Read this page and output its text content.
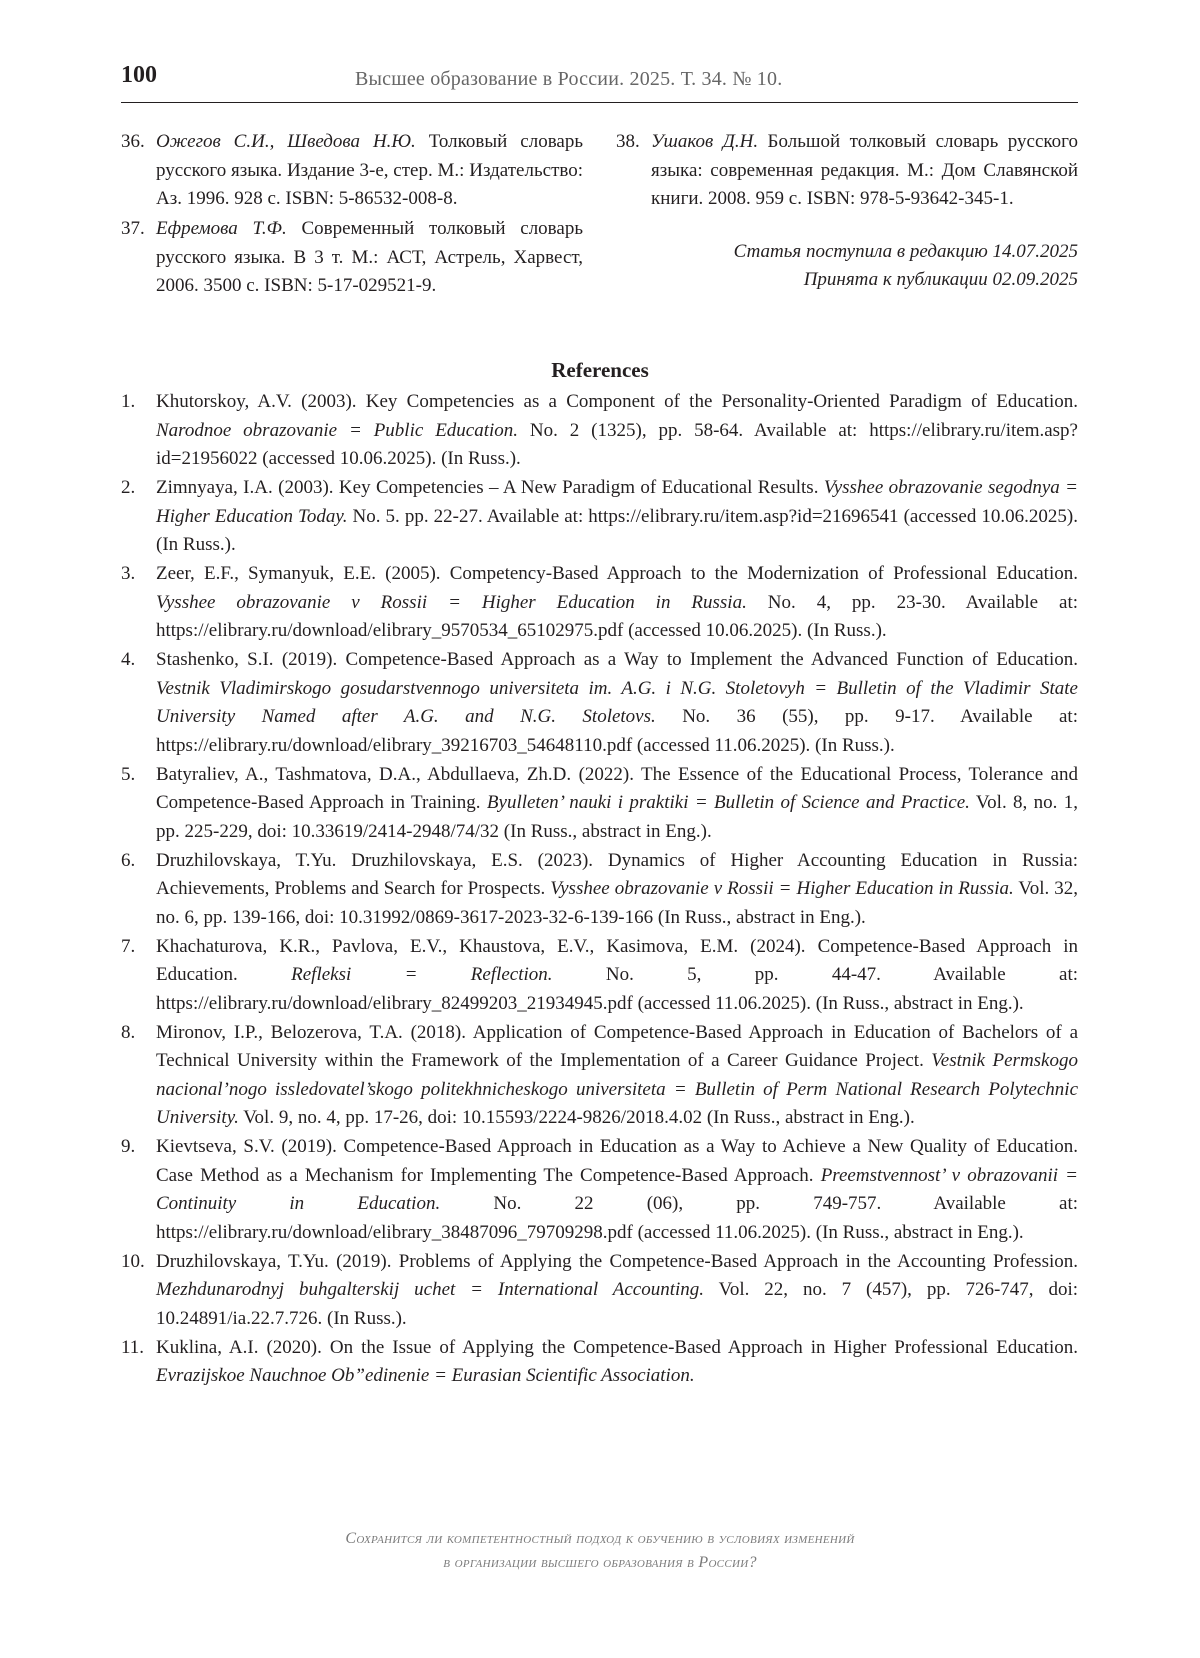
100	Высшее образование в России. 2025. Т. 34. № 10.

36. Ожегов С.И., Шведова Н.Ю. Толковый словарь русского языка. Издание 3-е, стер. М.: Издательство: Аз. 1996. 928 с. ISBN: 5-86532-008-8.

37. Ефремова Т.Ф. Современный толковый словарь русского языка. В 3 т. М.: АСТ, Астрель, Харвест, 2006. 3500 с. ISBN: 5-17-029521-9.

38. Ушаков Д.Н. Большой толковый словарь русского языка: современная редакция. М.: Дом Славянской книги. 2008. 959 с. ISBN: 978-5-93642-345-1.

Статья поступила в редакцию 14.07.2025
Принята к публикации 02.09.2025
References

1. Khutorskoy, A.V. (2003). Key Competencies as a Component of the Personality-Oriented Paradigm of Education. Narodnoe obrazovanie = Public Education. No. 2 (1325), pp. 58-64. Available at: https://elibrary.ru/item.asp?id=21956022 (accessed 10.06.2025). (In Russ.).

2. Zimnyaya, I.A. (2003). Key Competencies – A New Paradigm of Educational Results. Vysshee obrazovanie segodnya = Higher Education Today. No. 5. pp. 22-27. Available at: https://elibrary.ru/item.asp?id=21696541 (accessed 10.06.2025). (In Russ.).

3. Zeer, E.F., Symanyuk, E.E. (2005). Competency-Based Approach to the Modernization of Professional Education. Vysshee obrazovanie v Rossii = Higher Education in Russia. No. 4, pp. 23-30. Available at: https://elibrary.ru/download/elibrary_9570534_65102975.pdf (accessed 10.06.2025). (In Russ.).

4. Stashenko, S.I. (2019). Competence-Based Approach as a Way to Implement the Advanced Function of Education. Vestnik Vladimirskogo gosudarstvennogo universiteta im. A.G. i N.G. Stoletovyh = Bulletin of the Vladimir State University Named after A.G. and N.G. Stoletovs. No. 36 (55), pp. 9-17. Available at: https://elibrary.ru/download/elibrary_39216703_54648110.pdf (accessed 11.06.2025). (In Russ.).

5. Batyraliev, A., Tashmatova, D.A., Abdullaeva, Zh.D. (2022). The Essence of the Educational Process, Tolerance and Competence-Based Approach in Training. Byulleten’ nauki i praktiki = Bulletin of Science and Practice. Vol. 8, no. 1, pp. 225-229, doi: 10.33619/2414-2948/74/32 (In Russ., abstract in Eng.).

6. Druzhilovskaya, T.Yu. Druzhilovskaya, E.S. (2023). Dynamics of Higher Accounting Education in Russia: Achievements, Problems and Search for Prospects. Vysshee obrazovanie v Rossii = Higher Education in Russia. Vol. 32, no. 6, pp. 139-166, doi: 10.31992/0869-3617-2023-32-6-139-166 (In Russ., abstract in Eng.).

7. Khachaturova, K.R., Pavlova, E.V., Khaustova, E.V., Kasimova, E.M. (2024). Competence-Based Approach in Education. Refleksi = Reflection. No. 5, pp. 44-47. Available at: https://elibrary.ru/download/elibrary_82499203_21934945.pdf (accessed 11.06.2025). (In Russ., abstract in Eng.).

8. Mironov, I.P., Belozerova, T.A. (2018). Application of Competence-Based Approach in Education of Bachelors of a Technical University within the Framework of the Implementation of a Career Guidance Project. Vestnik Permskogo nacional’nogo issledovatel’skogo politekhnicheskogo universiteta = Bulletin of Perm National Research Polytechnic University. Vol. 9, no. 4, pp. 17-26, doi: 10.15593/2224-9826/2018.4.02 (In Russ., abstract in Eng.).

9. Kievtseva, S.V. (2019). Competence-Based Approach in Education as a Way to Achieve a New Quality of Education. Case Method as a Mechanism for Implementing The Competence-Based Approach. Preemstvennost’ v obrazovanii = Continuity in Education. No. 22 (06), pp. 749-757. Available at: https://elibrary.ru/download/elibrary_38487096_79709298.pdf (accessed 11.06.2025). (In Russ., abstract in Eng.).

10. Druzhilovskaya, T.Yu. (2019). Problems of Applying the Competence-Based Approach in the Accounting Profession. Mezhdunarodnyj buhgalterskij uchet = International Accounting. Vol. 22, no. 7 (457), pp. 726-747, doi: 10.24891/ia.22.7.726. (In Russ.).

11. Kuklina, A.I. (2020). On the Issue of Applying the Competence-Based Approach in Higher Professional Education. Evrazijskoe Nauchnoe Ob”edinenie = Eurasian Scientific Association.

Сохранится ли компетентностный подход к обучению в условиях изменений
в организации высшего образования в России?
